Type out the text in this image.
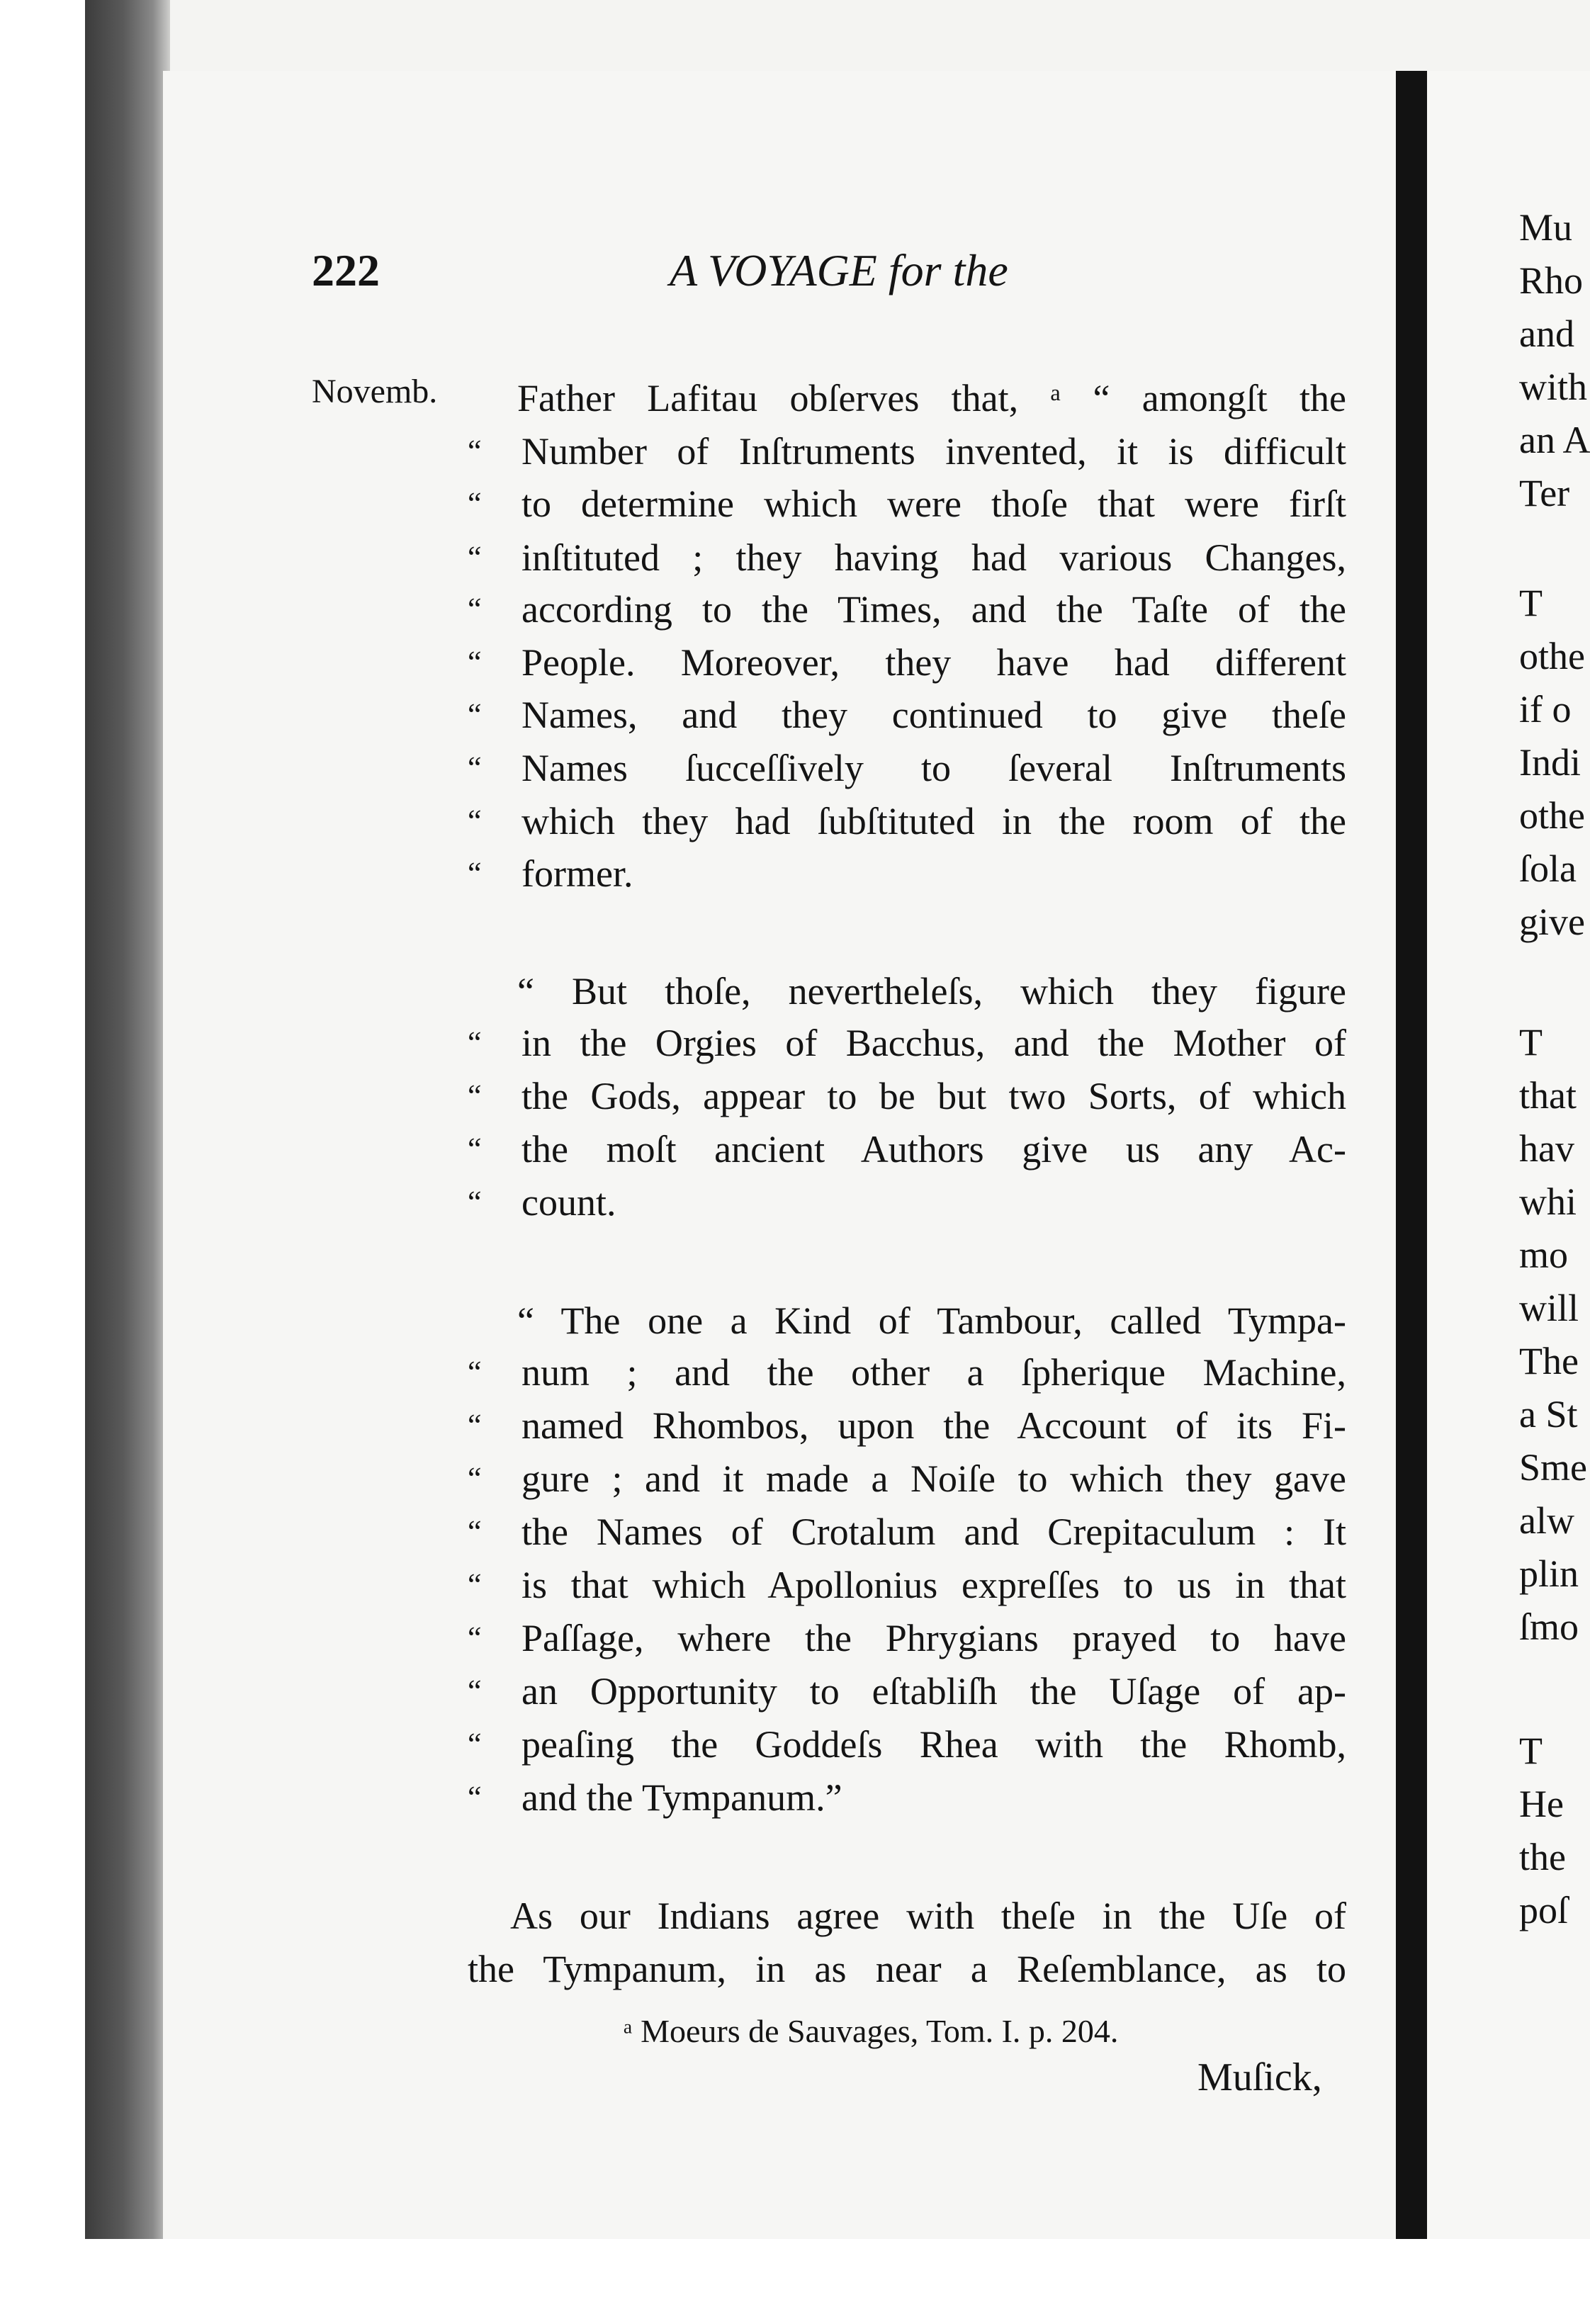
Mu
Rho
and
with
an A
Ter
T
othe
if o
Indi
othe
ſola
give
T
that
hav
whi
mo
will
The
a St
Sme
alw
plin
ſmo
T
He
the
poſ
222	A VOYAGE for the
Novemb. Father Lafitau obſerves that, ᵃ “ amongſt the
“ Number of Inſtruments invented, it is difficult
“ to determine which were thoſe that were firſt
“ inſtituted ; they having had various Changes,
“ according to the Times, and the Taſte of the
“ People. Moreover, they have had different
“ Names, and they continued to give theſe
“ Names ſucceſſively to ſeveral Inſtruments
“ which they had ſubſtituted in the room of the
“ former.
“ But thoſe, nevertheleſs, which they figure
“ in the Orgies of Bacchus, and the Mother of
“ the Gods, appear to be but two Sorts, of which
“ the moſt ancient Authors give us any Ac-
“ count.
“ The one a Kind of Tambour, called Tympa-
“ num ; and the other a ſpherique Machine,
“ named Rhombos, upon the Account of its Fi-
“ gure ; and it made a Noiſe to which they gave
“ the Names of Crotalum and Crepitaculum : It
“ is that which Apollonius expreſſes to us in that
“ Paſſage, where the Phrygians prayed to have
“ an Opportunity to eſtabliſh the Uſage of ap-
“ peaſing the Goddeſs Rhea with the Rhomb,
“ and the Tympanum.”
As our Indians agree with theſe in the Uſe of
the Tympanum, in as near a Reſemblance, as to
ᵃ Moeurs de Sauvages, Tom. I. p. 204.
Muſick,
